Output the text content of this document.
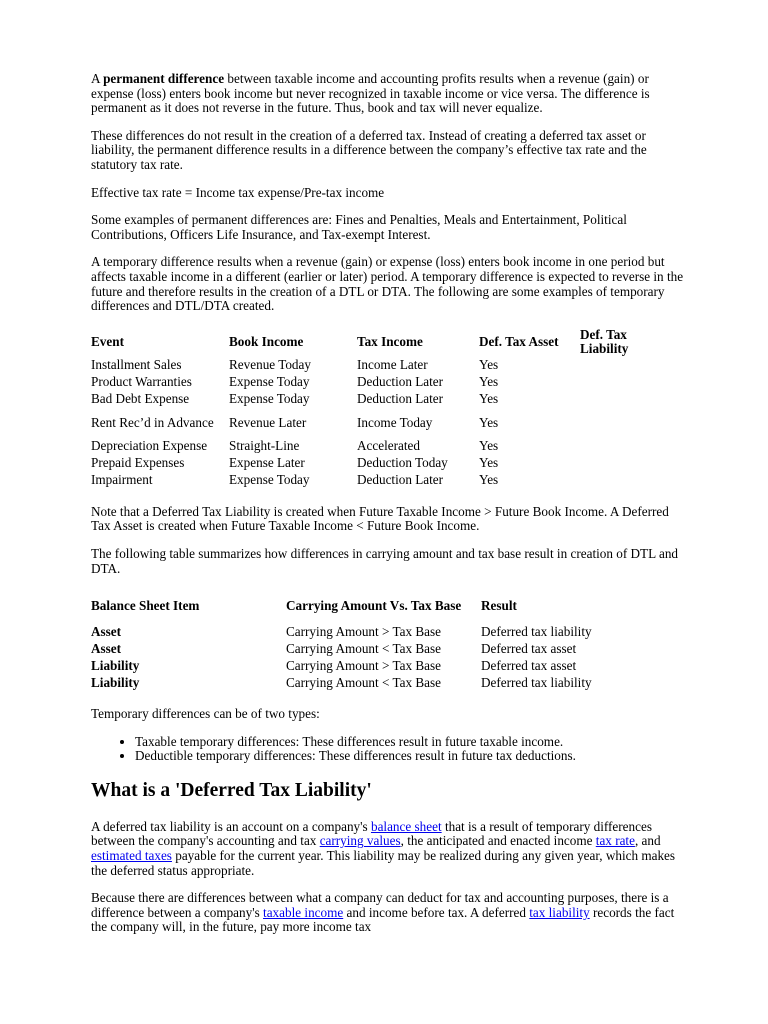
A permanent difference between taxable income and accounting profits results when a revenue (gain) or expense (loss) enters book income but never recognized in taxable income or vice versa. The difference is permanent as it does not reverse in the future. Thus, book and tax will never equalize.

These differences do not result in the creation of a deferred tax. Instead of creating a deferred tax asset or liability, the permanent difference results in a difference between the company’s effective tax rate and the statutory tax rate.

Effective tax rate = Income tax expense/Pre-tax income

Some examples of permanent differences are: Fines and Penalties, Meals and Entertainment, Political Contributions, Officers Life Insurance, and Tax-exempt Interest.

A temporary difference results when a revenue (gain) or expense (loss) enters book income in one period but affects taxable income in a different (earlier or later) period. A temporary difference is expected to reverse in the future and therefore results in the creation of a DTL or DTA. The following are some examples of temporary differences and DTL/DTA created.

Event	Book Income	Tax Income	Def. Tax Asset	Def. Tax Liability
Installment Sales	Revenue Today	Income Later	Yes	
Product Warranties	Expense Today	Deduction Later	Yes	
Bad Debt Expense	Expense Today	Deduction Later	Yes	
Rent Rec’d in Advance	Revenue Later	Income Today	Yes	
Depreciation Expense	Straight-Line	Accelerated	Yes	
Prepaid Expenses	Expense Later	Deduction Today	Yes	
Impairment	Expense Today	Deduction Later	Yes	

Note that a Deferred Tax Liability is created when Future Taxable Income > Future Book Income. A Deferred Tax Asset is created when Future Taxable Income < Future Book Income.

The following table summarizes how differences in carrying amount and tax base result in creation of DTL and DTA.

Balance Sheet Item	Carrying Amount Vs. Tax Base	Result
Asset	Carrying Amount > Tax Base	Deferred tax liability
Asset	Carrying Amount < Tax Base	Deferred tax asset
Liability	Carrying Amount > Tax Base	Deferred tax asset
Liability	Carrying Amount < Tax Base	Deferred tax liability

Temporary differences can be of two types:

• Taxable temporary differences: These differences result in future taxable income.
• Deductible temporary differences: These differences result in future tax deductions.
What is a 'Deferred Tax Liability'

A deferred tax liability is an account on a company's balance sheet that is a result of temporary differences between the company's accounting and tax carrying values, the anticipated and enacted income tax rate, and estimated taxes payable for the current year. This liability may be realized during any given year, which makes the deferred status appropriate.

Because there are differences between what a company can deduct for tax and accounting purposes, there is a difference between a company's taxable income and income before tax. A deferred tax liability records the fact the company will, in the future, pay more income tax
